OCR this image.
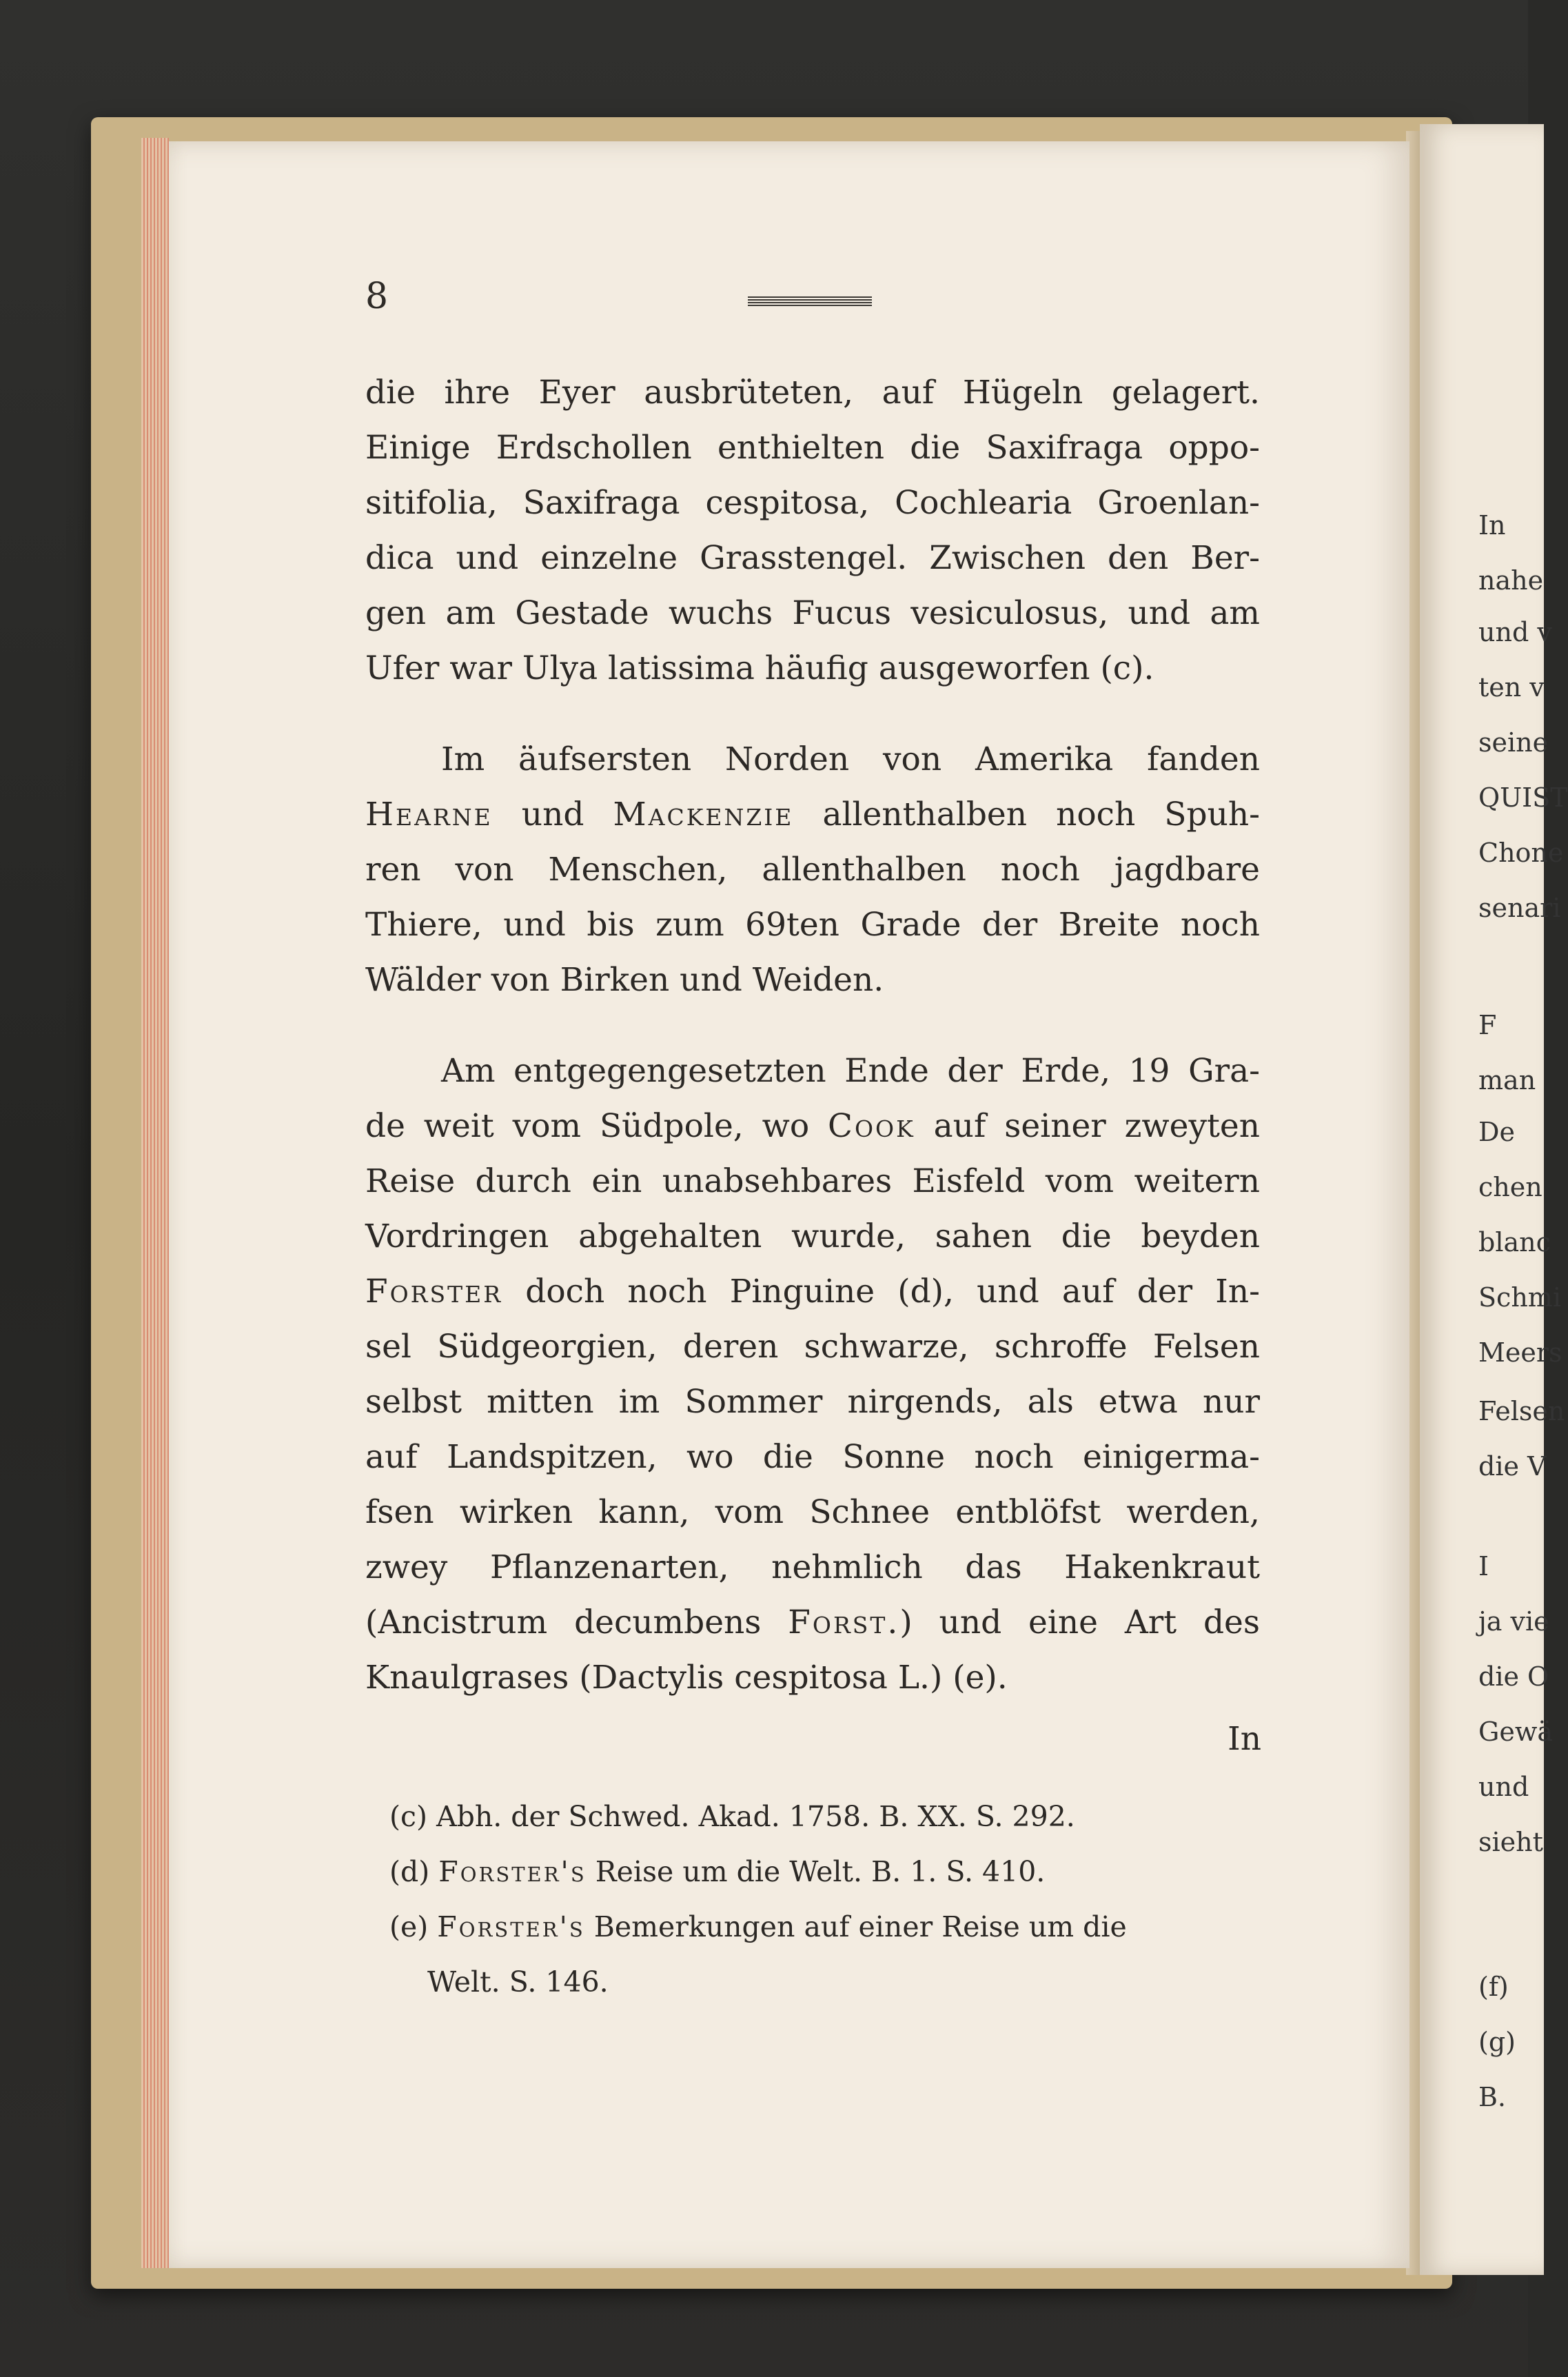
In
nahe
und v
ten v
seine
QUIST
Chone
senari
F
man
De
chen
blanc
Schmi
Meers
Felsen
die V
I
ja vie
die O
Gewä
und
sieht
(f)
(g)
B.
8
die ihre Eyer ausbrüteten, auf Hügeln gelagert.
Einige Erdschollen enthielten die Saxifraga oppo-
sitifolia, Saxifraga cespitosa, Cochlearia Groenlan-
dica und einzelne Grasstengel. Zwischen den Ber-
gen am Gestade wuchs Fucus vesiculosus, und am
Ufer war Ulya latissima häufig ausgeworfen (c).
Im äufsersten Norden von Amerika fanden
Hearne und Mackenzie allenthalben noch Spuh-
ren von Menschen, allenthalben noch jagdbare
Thiere, und bis zum 69ten Grade der Breite noch
Wälder von Birken und Weiden.
Am entgegengesetzten Ende der Erde, 19 Gra-
de weit vom Südpole, wo Cook auf seiner zweyten
Reise durch ein unabsehbares Eisfeld vom weitern
Vordringen abgehalten wurde, sahen die beyden
Forster doch noch Pinguine (d), und auf der In-
sel Südgeorgien, deren schwarze, schroffe Felsen
selbst mitten im Sommer nirgends, als etwa nur
auf Landspitzen, wo die Sonne noch einigerma-
fsen wirken kann, vom Schnee entblöfst werden,
zwey Pflanzenarten, nehmlich das Hakenkraut
(Ancistrum decumbens Forst.) und eine Art des
Knaulgrases (Dactylis cespitosa L.) (e).
In
(c) Abh. der Schwed. Akad. 1758. B. XX. S. 292.
(d) Forster's Reise um die Welt. B. 1. S. 410.
(e) Forster's Bemerkungen auf einer Reise um die
Welt. S. 146.
